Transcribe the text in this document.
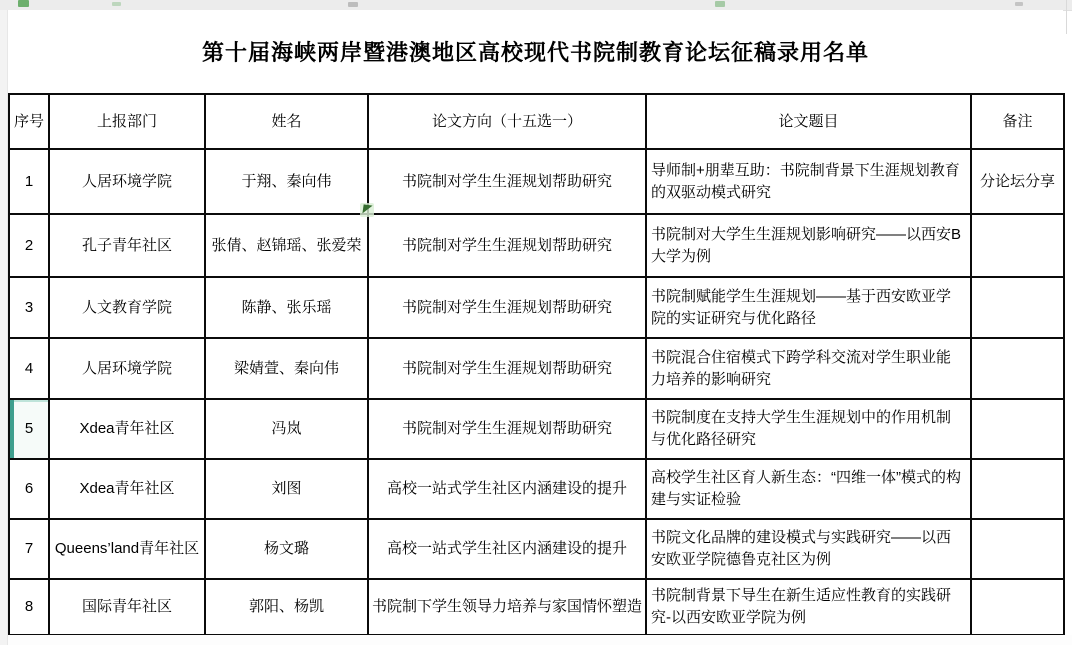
第十届海峡两岸暨港澳地区高校现代书院制教育论坛征稿录用名单
序号	上报部门	姓名	论文方向（十五选一）	论文题目	备注
1	人居环境学院	于翔、秦向伟	书院制对学生生涯规划帮助研究	导师制+朋辈互助：书院制背景下生涯规划教育的双驱动模式研究	分论坛分享
2	孔子青年社区	张倩、赵锦瑶、张爱荣	书院制对学生生涯规划帮助研究	书院制对大学生生涯规划影响研究——以西安B大学为例	
3	人文教育学院	陈静、张乐瑶	书院制对学生生涯规划帮助研究	书院制赋能学生生涯规划——基于西安欧亚学院的实证研究与优化路径	
4	人居环境学院	梁婧萱、秦向伟	书院制对学生生涯规划帮助研究	书院混合住宿模式下跨学科交流对学生职业能力培养的影响研究	
5	Xdea青年社区	冯岚	书院制对学生生涯规划帮助研究	书院制度在支持大学生生涯规划中的作用机制与优化路径研究	
6	Xdea青年社区	刘图	高校一站式学生社区内涵建设的提升	高校学生社区育人新生态：“四维一体”模式的构建与实证检验	
7	Queens’land青年社区	杨文璐	高校一站式学生社区内涵建设的提升	书院文化品牌的建设模式与实践研究——以西安欧亚学院德鲁克社区为例	
8	国际青年社区	郭阳、杨凯	书院制下学生领导力培养与家国情怀塑造	书院制背景下导生在新生适应性教育的实践研究-以西安欧亚学院为例	
